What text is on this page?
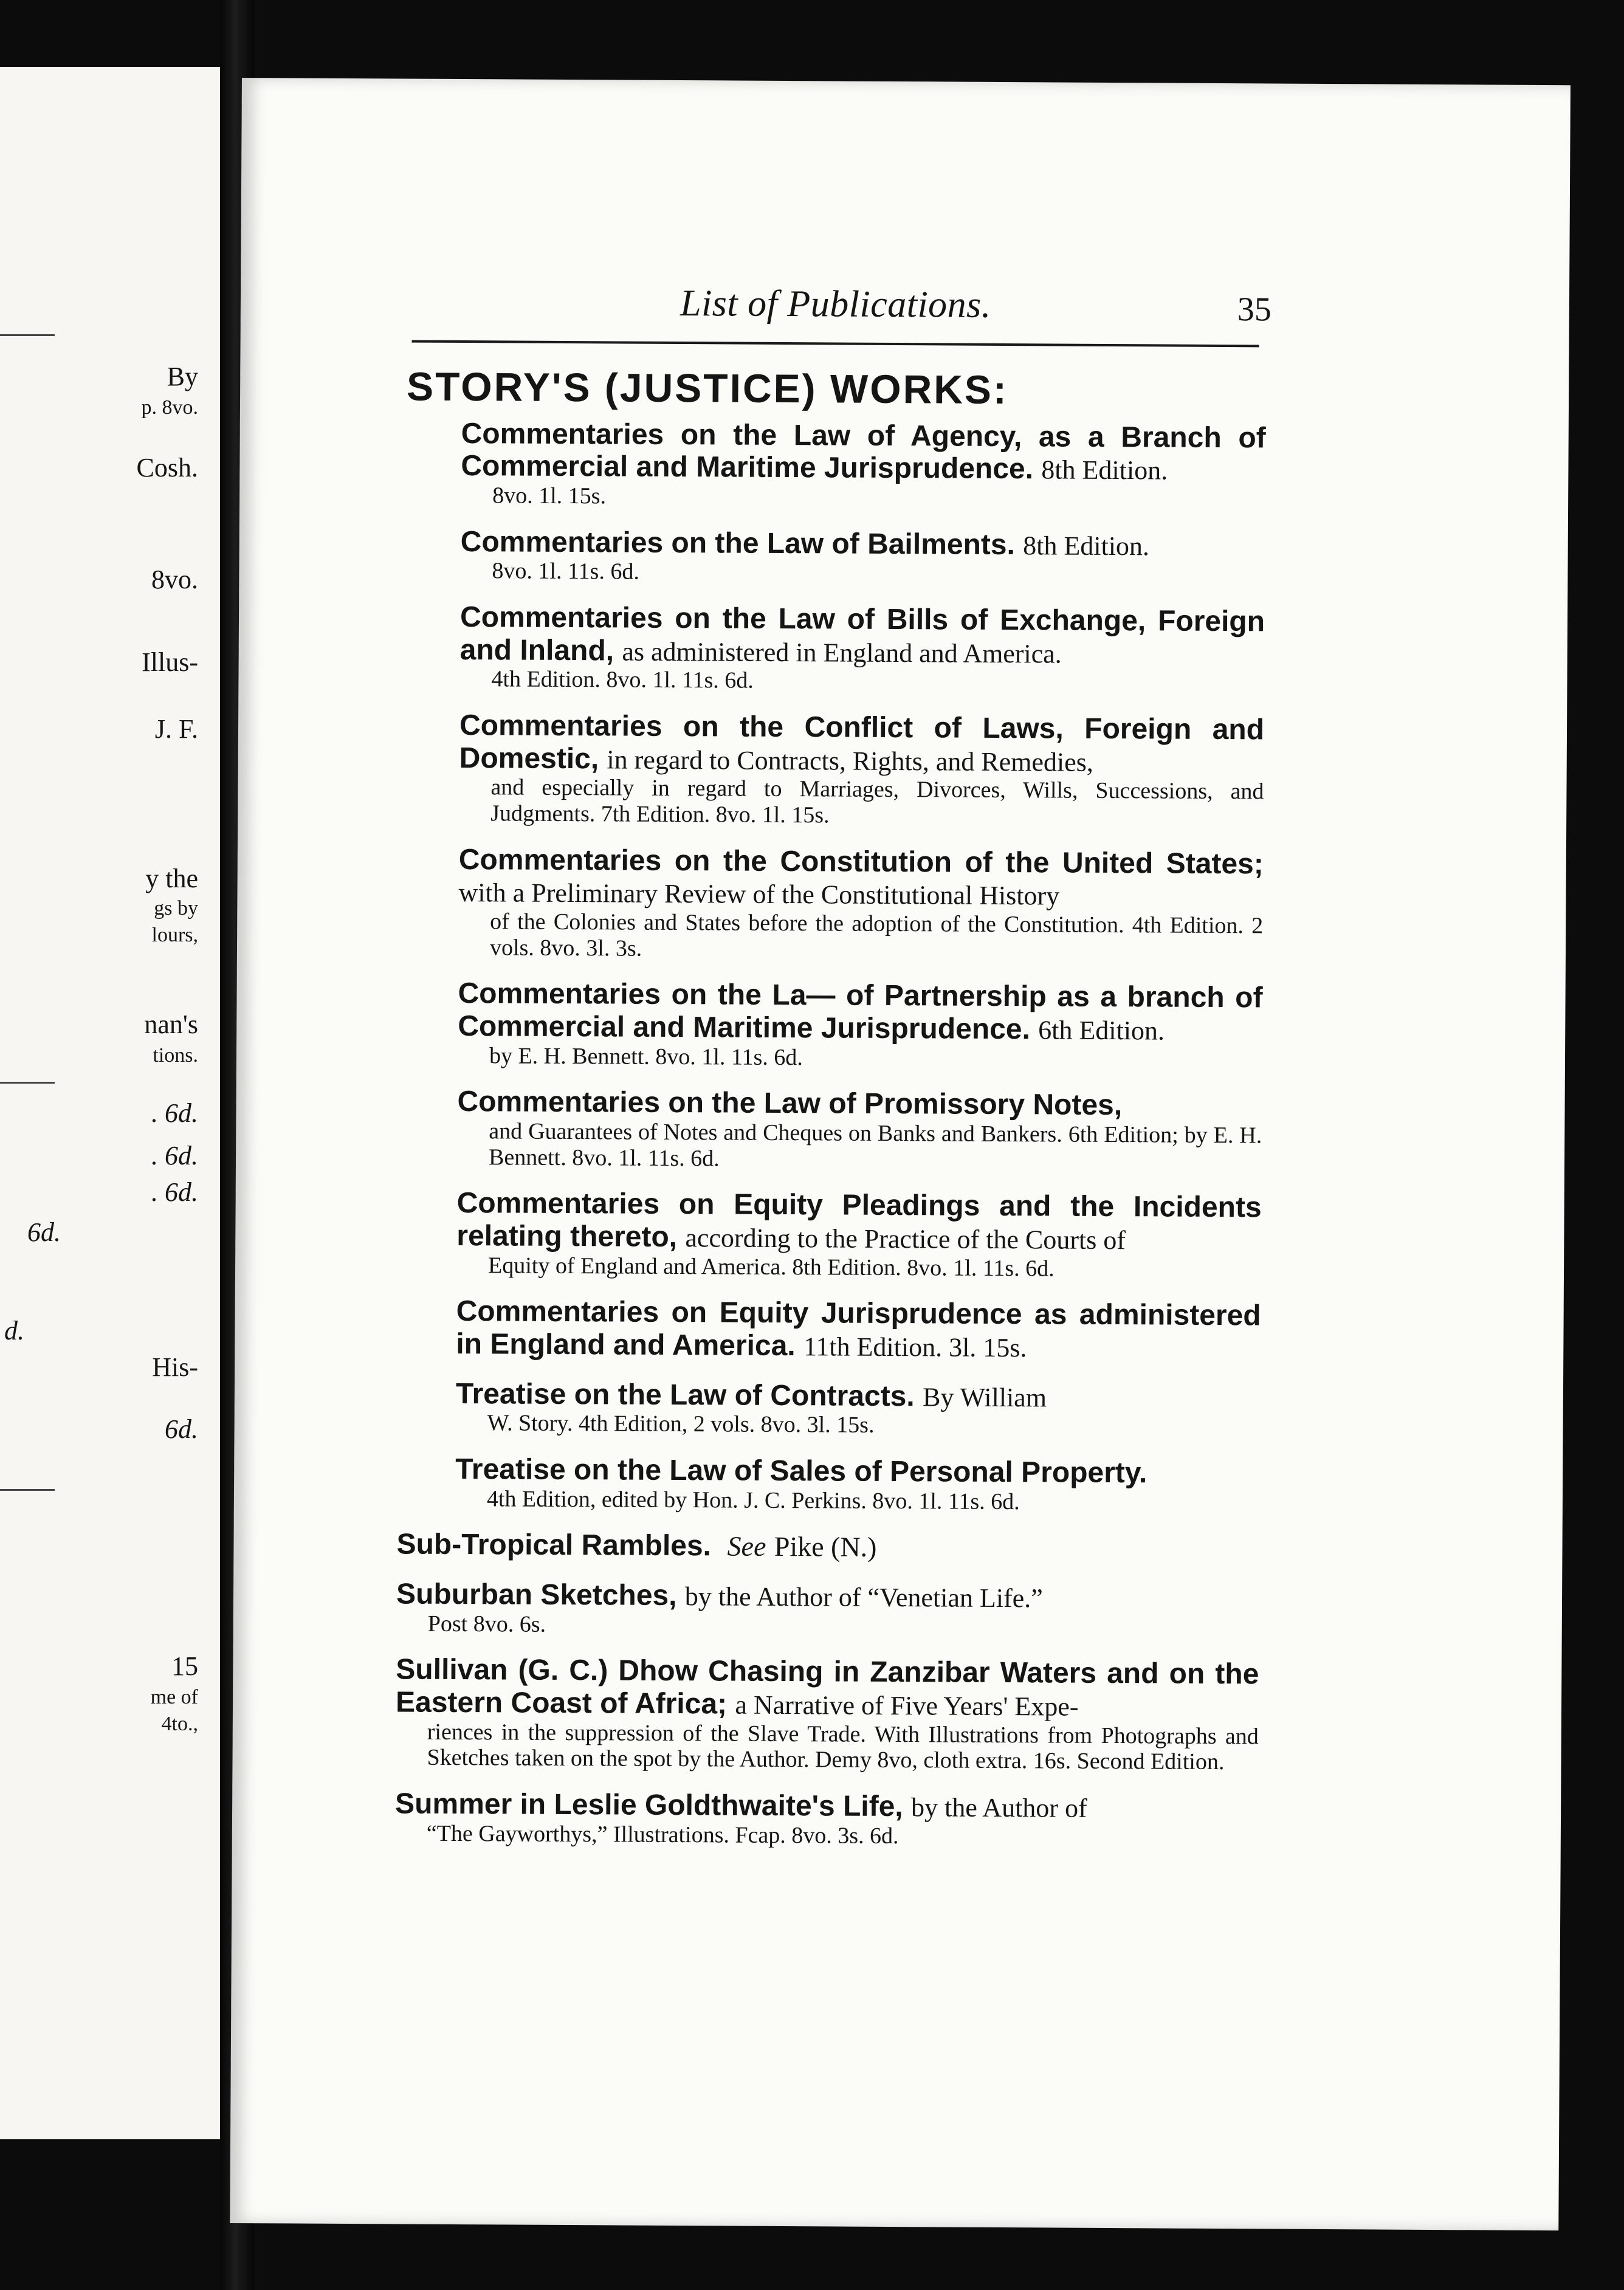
By
p. 8vo.
Cosh.
8vo.
Illus-
J. F.
y the
gs by
lours,
nan's
tions.
. 6d.
. 6d.
. 6d.
6d.
d.
His-
6d.
15
me of
4to.,
List of Publications.	35
STORY'S (JUSTICE) WORKS:
Commentaries on the Law of Agency, as a Branch of Commercial and Maritime Jurisprudence. 8th Edition.
8vo. 1l. 15s.
Commentaries on the Law of Bailments. 8th Edition.
8vo. 1l. 11s. 6d.
Commentaries on the Law of Bills of Exchange, Foreign and Inland, as administered in England and America.
4th Edition. 8vo. 1l. 11s. 6d.
Commentaries on the Conflict of Laws, Foreign and Domestic, in regard to Contracts, Rights, and Remedies,
and especially in regard to Marriages, Divorces, Wills, Successions, and Judgments. 7th Edition. 8vo. 1l. 15s.
Commentaries on the Constitution of the United States; with a Preliminary Review of the Constitutional History
of the Colonies and States before the adoption of the Constitution. 4th Edition. 2 vols. 8vo. 3l. 3s.
Commentaries on the La— of Partnership as a branch of Commercial and Maritime Jurisprudence. 6th Edition.
by E. H. Bennett. 8vo. 1l. 11s. 6d.
Commentaries on the Law of Promissory Notes,
and Guarantees of Notes and Cheques on Banks and Bankers. 6th Edition; by E. H. Bennett. 8vo. 1l. 11s. 6d.
Commentaries on Equity Pleadings and the Incidents relating thereto, according to the Practice of the Courts of
Equity of England and America. 8th Edition. 8vo. 1l. 11s. 6d.
Commentaries on Equity Jurisprudence as administered in England and America. 11th Edition. 3l. 15s.
Treatise on the Law of Contracts. By William
W. Story. 4th Edition, 2 vols. 8vo. 3l. 15s.
Treatise on the Law of Sales of Personal Property.
4th Edition, edited by Hon. J. C. Perkins. 8vo. 1l. 11s. 6d.
Sub-Tropical Rambles. See Pike (N.)
Suburban Sketches, by the Author of “Venetian Life.”
Post 8vo. 6s.
Sullivan (G. C.) Dhow Chasing in Zanzibar Waters and on the Eastern Coast of Africa; a Narrative of Five Years' Expe-
riences in the suppression of the Slave Trade. With Illustrations from Photographs and Sketches taken on the spot by the Author. Demy 8vo, cloth extra. 16s. Second Edition.
Summer in Leslie Goldthwaite's Life, by the Author of
“The Gayworthys,” Illustrations. Fcap. 8vo. 3s. 6d.
